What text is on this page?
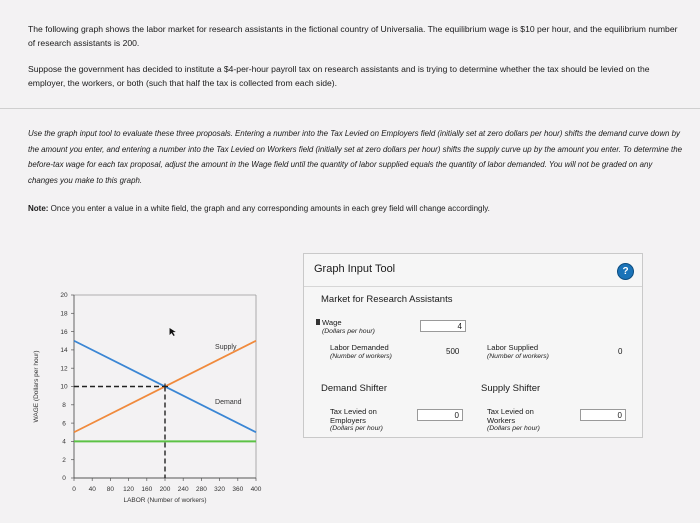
The following graph shows the labor market for research assistants in the fictional country of Universalia. The equilibrium wage is $10 per hour, and the equilibrium number of research assistants is 200.

Suppose the government has decided to institute a $4-per-hour payroll tax on research assistants and is trying to determine whether the tax should be levied on the employer, the workers, or both (such that half the tax is collected from each side).

Use the graph input tool to evaluate these three proposals. Entering a number into the Tax Levied on Employers field (initially set at zero dollars per hour) shifts the demand curve down by the amount you enter, and entering a number into the Tax Levied on Workers field (initially set at zero dollars per hour) shifts the supply curve up by the amount you enter. To determine the before-tax wage for each tax proposal, adjust the amount in the Wage field until the quantity of labor supplied equals the quantity of labor demanded. You will not be graded on any changes you make to this graph.
Note: Once you enter a value in a white field, the graph and any corresponding amounts in each grey field will change accordingly.
0
2
4
6
8
10
12
14
16
18
20
0 40 80 120 160 200 240 280 320 360 400
LABOR (Number of workers)
WAGE (Dollars per hour)
Supply
Demand
Graph Input Tool	?
Market for Research Assistants
Wage
(Dollars per hour)	4
Labor Demanded
(Number of workers)	500	Labor Supplied
(Number of workers)	0
Demand Shifter	Supply Shifter
Tax Levied on Employers
(Dollars per hour)
0	Tax Levied on Workers
(Dollars per hour)
0
